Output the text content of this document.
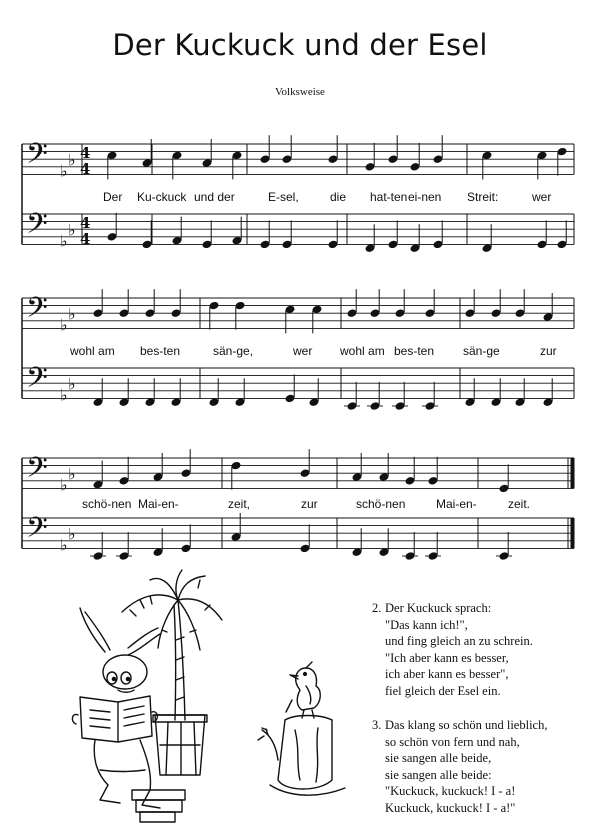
Der Kuckuck und der Esel
Volksweise
𝄢 ♭
♭ 4
4
𝄢 ♭
♭ 4
4
𝄢 ♭
♭
𝄢 ♭
♭
𝄢 ♭
♭
𝄢 ♭
♭
Der Ku-ckuck und der	E-sel,	die hat-ten ei-nen Streit:	wer
wohl am bes-ten	sän-ge,	wer wohl am bes-ten sän-ge	zur
schö-nen Mai-en-	zeit,	zur	schö-nen	Mai-en-	zeit.
2. Der Kuckuck sprach:
"Das kann ich!",
und fing gleich an zu schrein.
"Ich aber kann es besser,
ich aber kann es besser",
fiel gleich der Esel ein.
3. Das klang so schön und lieblich,
so schön von fern und nah,
sie sangen alle beide,
sie sangen alle beide:
"Kuckuck, kuckuck! I - a!
Kuckuck, kuckuck! I - a!"
